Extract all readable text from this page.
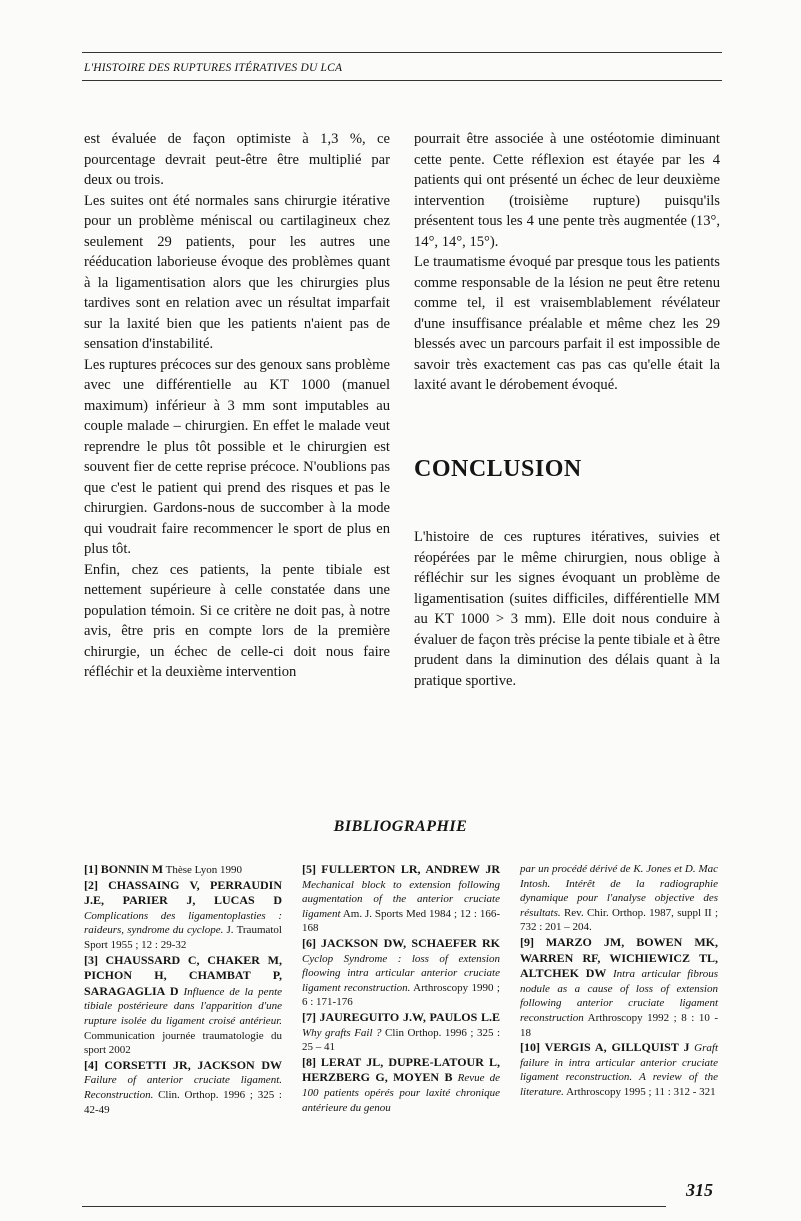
L'HISTOIRE DES RUPTURES ITÉRATIVES DU LCA

est évaluée de façon optimiste à 1,3 %, ce pourcentage devrait peut-être être multiplié par deux ou trois.

Les suites ont été normales sans chirurgie itérative pour un problème méniscal ou cartilagineux chez seulement 29 patients, pour les autres une rééducation laborieuse évoque des problèmes quant à la ligamentisation alors que les chirurgies plus tardives sont en relation avec un résultat imparfait sur la laxité bien que les patients n'aient pas de sensation d'instabilité.

Les ruptures précoces sur des genoux sans problème avec une différentielle au KT 1000 (manuel maximum) inférieur à 3 mm sont imputables au couple malade – chirurgien. En effet le malade veut reprendre le plus tôt possible et le chirurgien est souvent fier de cette reprise précoce. N'oublions pas que c'est le patient qui prend des risques et pas le chirurgien. Gardons-nous de succomber à la mode qui voudrait faire recommencer le sport de plus en plus tôt.

Enfin, chez ces patients, la pente tibiale est nettement supérieure à celle constatée dans une population témoin. Si ce critère ne doit pas, à notre avis, être pris en compte lors de la première chirurgie, un échec de celle-ci doit nous faire réfléchir et la deuxième intervention

pourrait être associée à une ostéotomie diminuant cette pente. Cette réflexion est étayée par les 4 patients qui ont présenté un échec de leur deuxième intervention (troisième rupture) puisqu'ils présentent tous les 4 une pente très augmentée (13°, 14°, 14°, 15°).

Le traumatisme évoqué par presque tous les patients comme responsable de la lésion ne peut être retenu comme tel, il est vraisemblablement révélateur d'une insuffisance préalable et même chez les 29 blessés avec un parcours parfait il est impossible de savoir très exactement cas pas cas qu'elle était la laxité avant le dérobement évoqué.

CONCLUSION

L'histoire de ces ruptures itératives, suivies et réopérées par le même chirurgien, nous oblige à réfléchir sur les signes évoquant un problème de ligamentisation (suites difficiles, différentielle MM au KT 1000 > 3 mm). Elle doit nous conduire à évaluer de façon très précise la pente tibiale et à être prudent dans la diminution des délais quant à la pratique sportive.

BIBLIOGRAPHIE

[1] BONNIN M Thèse Lyon 1990

[2] CHASSAING V, PERRAUDIN J.E, PARIER J, LUCAS D Complications des ligamentoplasties : raideurs, syndrome du cyclope. J. Traumatol Sport 1955 ; 12 : 29-32

[3] CHAUSSARD C, CHAKER M, PICHON H, CHAMBAT P, SARAGAGLIA D Influence de la pente tibiale postérieure dans l'apparition d'une rupture isolée du ligament croisé antérieur. Communication journée traumatologie du sport 2002

[4] CORSETTI JR, JACKSON DW Failure of anterior cruciate ligament. Reconstruction. Clin. Orthop. 1996 ; 325 : 42-49

[5] FULLERTON LR, ANDREW JR Mechanical block to extension following augmentation of the anterior cruciate ligament Am. J. Sports Med 1984 ; 12 : 166-168

[6] JACKSON DW, SCHAEFER RK Cyclop Syndrome : loss of extension floowing intra articular anterior cruciate ligament reconstruction. Arthroscopy 1990 ; 6 : 171-176

[7] JAUREGUITO J.W, PAULOS L.E Why grafts Fail ? Clin Orthop. 1996 ; 325 : 25 – 41

[8] LERAT JL, DUPRE-LATOUR L, HERZBERG G, MOYEN B Revue de 100 patients opérés pour laxité chronique antérieure du genou

par un procédé dérivé de K. Jones et D. Mac Intosh. Intérêt de la radiographie dynamique pour l'analyse objective des résultats. Rev. Chir. Orthop. 1987, suppl II ; 732 : 201 – 204.

[9] MARZO JM, BOWEN MK, WARREN RF, WICHIEWICZ TL, ALTCHEK DW Intra articular fibrous nodule as a cause of loss of extension following anterior cruciate ligament reconstruction Arthroscopy 1992 ; 8 : 10 - 18

[10] VERGIS A, GILLQUIST J Graft failure in intra articular anterior cruciate ligament reconstruction. A review of the literature. Arthroscopy 1995 ; 11 : 312 - 321

315
